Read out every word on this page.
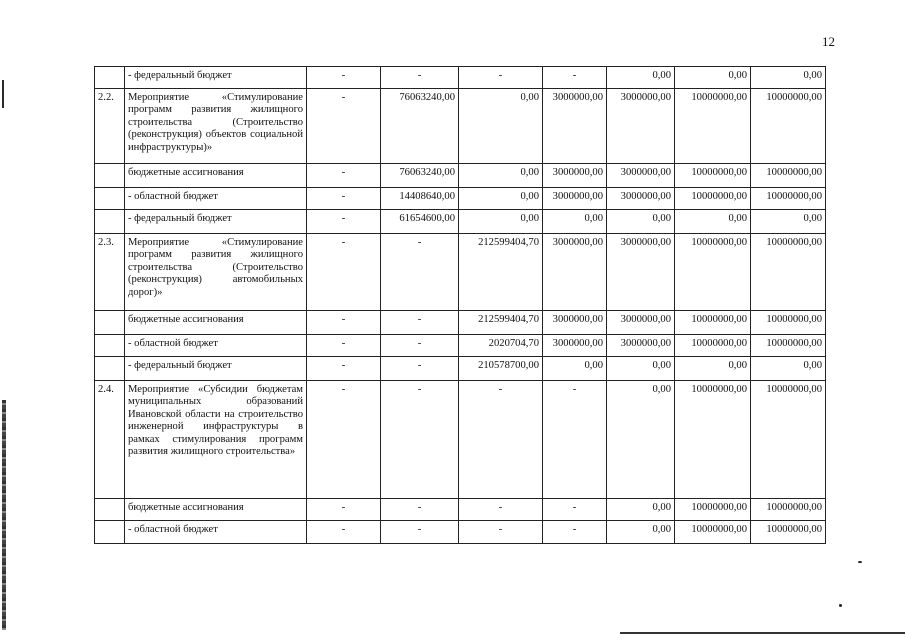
12
	- федеральный бюджет	-	-	-	-	0,00	0,00	0,00
2.2.	Мероприятие «Стимулирование программ развития жилищного строительства (Строительство (реконструкция) объектов социальной инфраструктуры)»	-	76063240,00	0,00	3000000,00	3000000,00	10000000,00	10000000,00
	бюджетные ассигнования	-	76063240,00	0,00	3000000,00	3000000,00	10000000,00	10000000,00
	- областной бюджет	-	14408640,00	0,00	3000000,00	3000000,00	10000000,00	10000000,00
	- федеральный бюджет	-	61654600,00	0,00	0,00	0,00	0,00	0,00
2.3.	Мероприятие «Стимулирование программ развития жилищного строительства (Строительство (реконструкция) автомобильных дорог)»	-	-	212599404,70	3000000,00	3000000,00	10000000,00	10000000,00
	бюджетные ассигнования	-	-	212599404,70	3000000,00	3000000,00	10000000,00	10000000,00
	- областной бюджет	-	-	2020704,70	3000000,00	3000000,00	10000000,00	10000000,00
	- федеральный бюджет	-	-	210578700,00	0,00	0,00	0,00	0,00
2.4.	Мероприятие «Субсидии бюджетам муниципальных образований Ивановской области на строительство инженерной инфраструктуры в рамках стимулирования программ развития жилищного строительства»	-	-	-	-	0,00	10000000,00	10000000,00
	бюджетные ассигнования	-	-	-	-	0,00	10000000,00	10000000,00
	- областной бюджет	-	-	-	-	0,00	10000000,00	10000000,00
